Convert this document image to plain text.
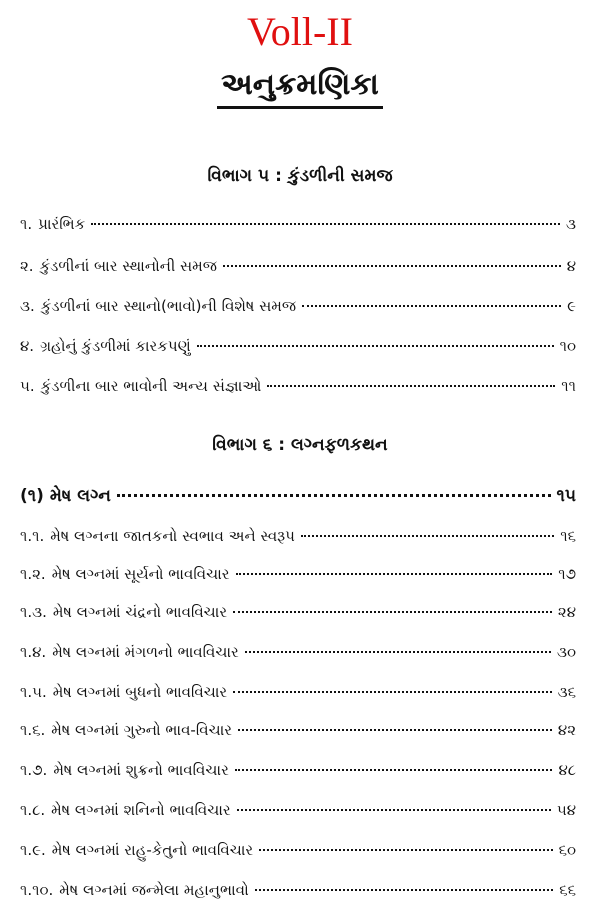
Voll-II
અનુક્રમણિકા
વિભાગ ૫ : કુંડળીની સમજ
૧. પ્રારંભિક	૩
૨. કુંડળીનાં બાર સ્થાનોની સમજ	૪
૩. કુંડળીનાં બાર સ્થાનો(ભાવો)ની વિશેષ સમજ	૯
૪. ગ્રહોનું કુંડળીમાં કારકપણું	૧૦
૫. કુંડળીના બાર ભાવોની અન્ય સંજ્ઞાઓ	૧૧
વિભાગ ૬ : લગ્નફળકથન
(૧) મેષ લગ્ન	૧૫
૧.૧. મેષ લગ્નના જાતકનો સ્વભાવ અને સ્વરૂપ	૧૬
૧.૨. મેષ લગ્નમાં સૂર્યનો ભાવવિચાર	૧૭
૧.૩. મેષ લગ્નમાં ચંદ્રનો ભાવવિચાર	૨૪
૧.૪. મેષ લગ્નમાં મંગળનો ભાવવિચાર	૩૦
૧.૫. મેષ લગ્નમાં બુધનો ભાવવિચાર	૩૬
૧.૬. મેષ લગ્નમાં ગુરુનો ભાવ-વિચાર	૪૨
૧.૭. મેષ લગ્નમાં શુક્રનો ભાવવિચાર	૪૮
૧.૮. મેષ લગ્નમાં શનિનો ભાવવિચાર	૫૪
૧.૯. મેષ લગ્નમાં રાહુ-કેતુનો ભાવવિચાર	૬૦
૧.૧૦. મેષ લગ્નમાં જન્મેલા મહાનુભાવો	૬૬
